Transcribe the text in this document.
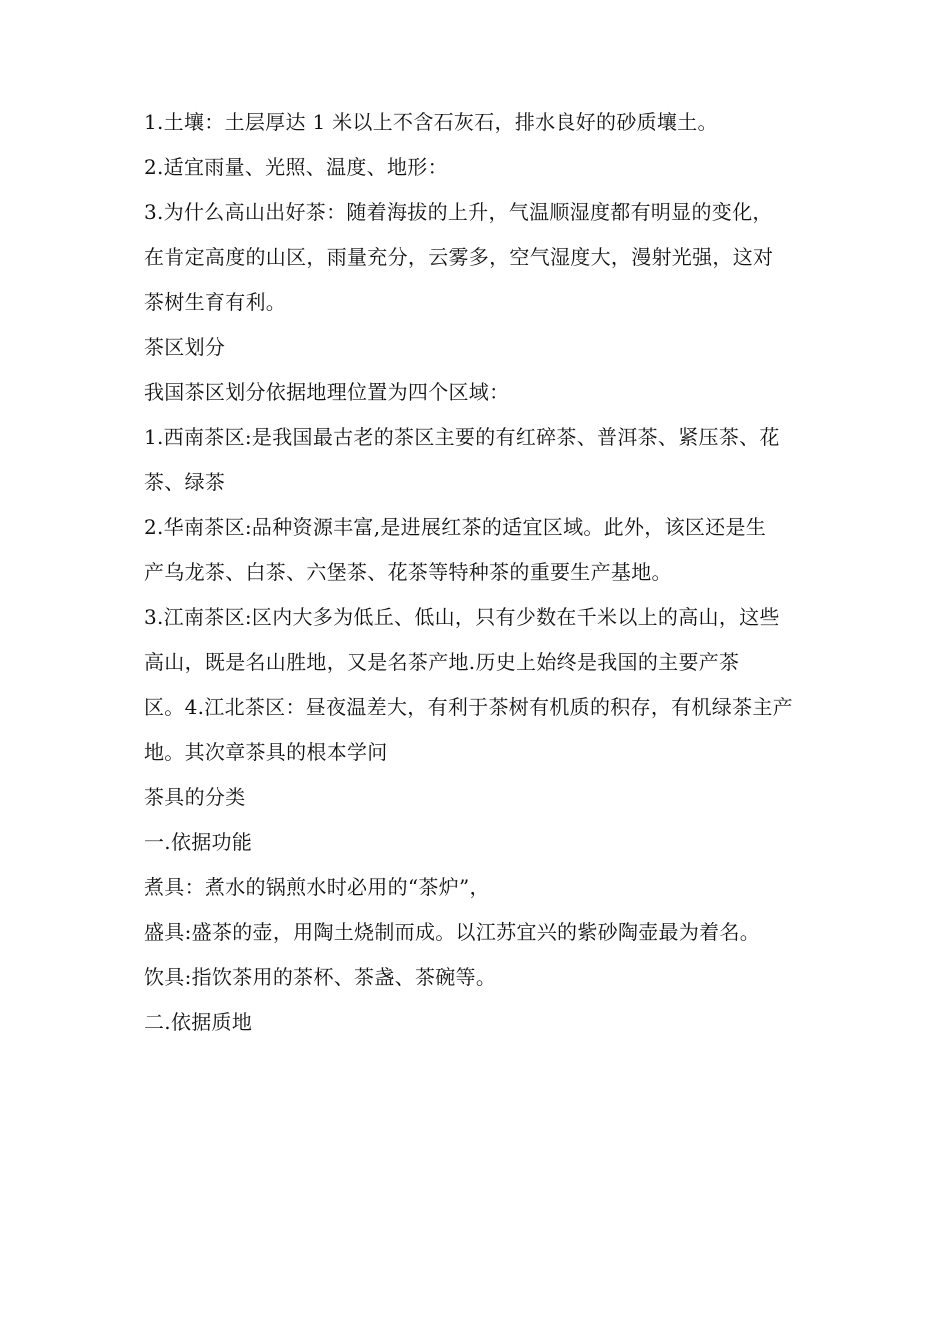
1.土壤：土层厚达 1 米以上不含石灰石，排水良好的砂质壤土。
2.适宜雨量、光照、温度、地形：
3.为什么高山出好茶：随着海拔的上升，气温顺湿度都有明显的变化，
在肯定高度的山区，雨量充分，云雾多，空气湿度大，漫射光强，这对
茶树生育有利。
茶区划分
我国茶区划分依据地理位置为四个区域：
1.西南茶区:是我国最古老的茶区主要的有红碎茶、普洱茶、紧压茶、花
茶、绿茶
2.华南茶区:品种资源丰富,是进展红茶的适宜区域。此外，该区还是生
产乌龙茶、白茶、六堡茶、花茶等特种茶的重要生产基地。
3.江南茶区:区内大多为低丘、低山，只有少数在千米以上的高山，这些
高山，既是名山胜地，又是名茶产地.历史上始终是我国的主要产茶
区。4.江北茶区：昼夜温差大，有利于茶树有机质的积存，有机绿茶主产
地。其次章茶具的根本学问
茶具的分类
一.依据功能
煮具：煮水的锅煎水时必用的“茶炉”，
盛具:盛茶的壶，用陶土烧制而成。以江苏宜兴的紫砂陶壶最为着名。
饮具:指饮茶用的茶杯、茶盏、茶碗等。
二.依据质地
